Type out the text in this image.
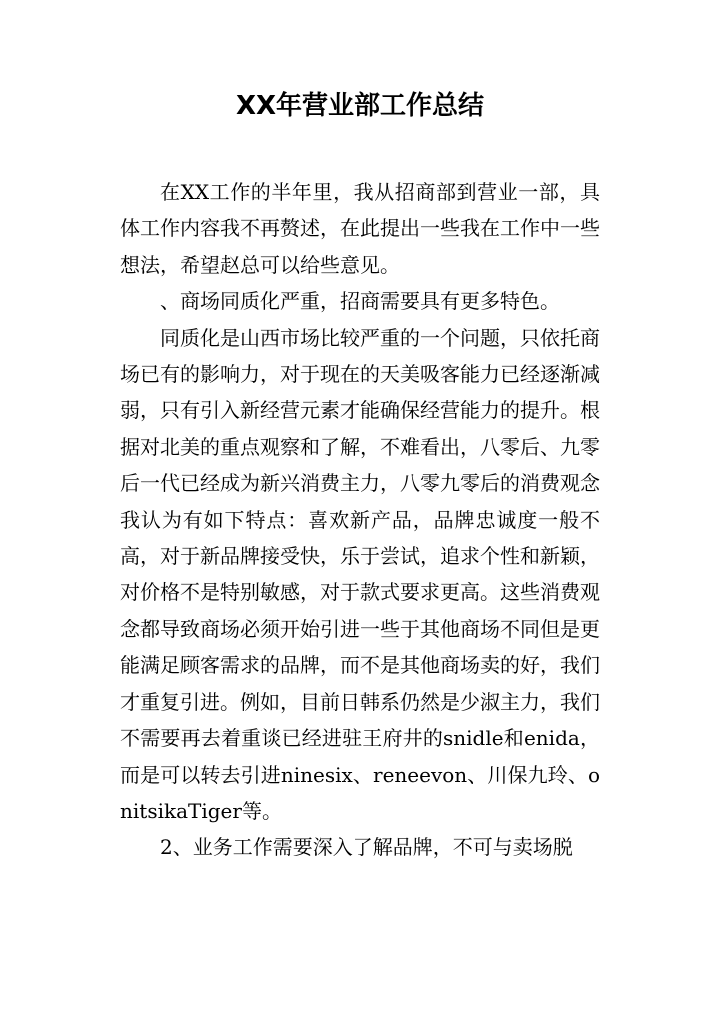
XX年营业部工作总结

在XX工作的半年里，我从招商部到营业一部，具体工作内容我不再赘述，在此提出一些我在工作中一些想法，希望赵总可以给些意见。

、商场同质化严重，招商需要具有更多特色。

同质化是山西市场比较严重的一个问题，只依托商场已有的影响力，对于现在的天美吸客能力已经逐渐减弱，只有引入新经营元素才能确保经营能力的提升。根据对北美的重点观察和了解，不难看出，八零后、九零后一代已经成为新兴消费主力，八零九零后的消费观念我认为有如下特点：喜欢新产品，品牌忠诚度一般不高，对于新品牌接受快，乐于尝试，追求个性和新颖，对价格不是特别敏感，对于款式要求更高。这些消费观念都导致商场必须开始引进一些于其他商场不同但是更能满足顾客需求的品牌，而不是其他商场卖的好，我们才重复引进。例如，目前日韩系仍然是少淑主力，我们不需要再去着重谈已经进驻王府井的snidle和enida，而是可以转去引进ninesix、reneevon、川保九玲、onitsikaTiger等。

2、业务工作需要深入了解品牌，不可与卖场脱
